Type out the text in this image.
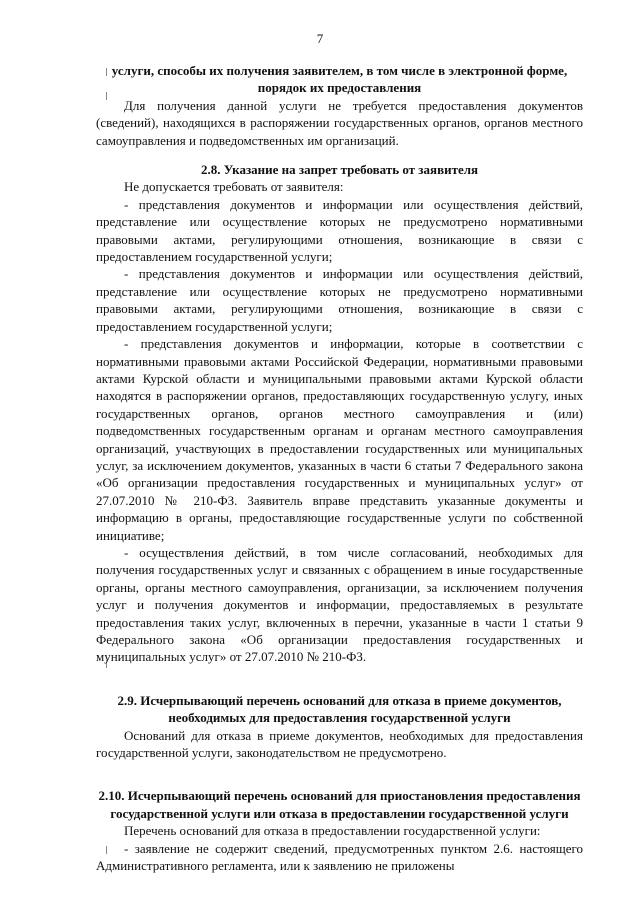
7

услуги, способы их получения заявителем, в том числе в электронной форме, порядок их предоставления

Для получения данной услуги не требуется предоставления документов (сведений), находящихся в распоряжении государственных органов, органов местного самоуправления и подведомственных им организаций.

2.8. Указание на запрет требовать от заявителя

Не допускается требовать от заявителя:

- представления документов и информации или осуществления действий, представление или осуществление которых не предусмотрено нормативными правовыми актами, регулирующими отношения, возникающие в связи с предоставлением государственной услуги;

- представления документов и информации или осуществления действий, представление или осуществление которых не предусмотрено нормативными правовыми актами, регулирующими отношения, возникающие в связи с предоставлением государственной услуги;

- представления документов и информации, которые в соответствии с нормативными правовыми актами Российской Федерации, нормативными правовыми актами Курской области и муниципальными правовыми актами Курской области находятся в распоряжении органов, предоставляющих государственную услугу, иных государственных органов, органов местного самоуправления и (или) подведомственных государственным органам и органам местного самоуправления организаций, участвующих в предоставлении государственных или муниципальных услуг, за исключением документов, указанных в части 6 статьи 7 Федерального закона «Об организации предоставления государственных и муниципальных услуг» от 27.07.2010 № 210-ФЗ. Заявитель вправе представить указанные документы и информацию в органы, предоставляющие государственные услуги по собственной инициативе;

- осуществления действий, в том числе согласований, необходимых для получения государственных услуг и связанных с обращением в иные государственные органы, органы местного самоуправления, организации, за исключением получения услуг и получения документов и информации, предоставляемых в результате предоставления таких услуг, включенных в перечни, указанные в части 1 статьи 9 Федерального закона «Об организации предоставления государственных и муниципальных услуг» от 27.07.2010 № 210-ФЗ.

2.9. Исчерпывающий перечень оснований для отказа в приеме документов, необходимых для предоставления государственной услуги

Оснований для отказа в приеме документов, необходимых для предоставления государственной услуги, законодательством не предусмотрено.

2.10. Исчерпывающий перечень оснований для приостановления предоставления государственной услуги или отказа в предоставлении государственной услуги

Перечень оснований для отказа в предоставлении государственной услуги:

- заявление не содержит сведений, предусмотренных пунктом 2.6. настоящего Административного регламента, или к заявлению не приложены
